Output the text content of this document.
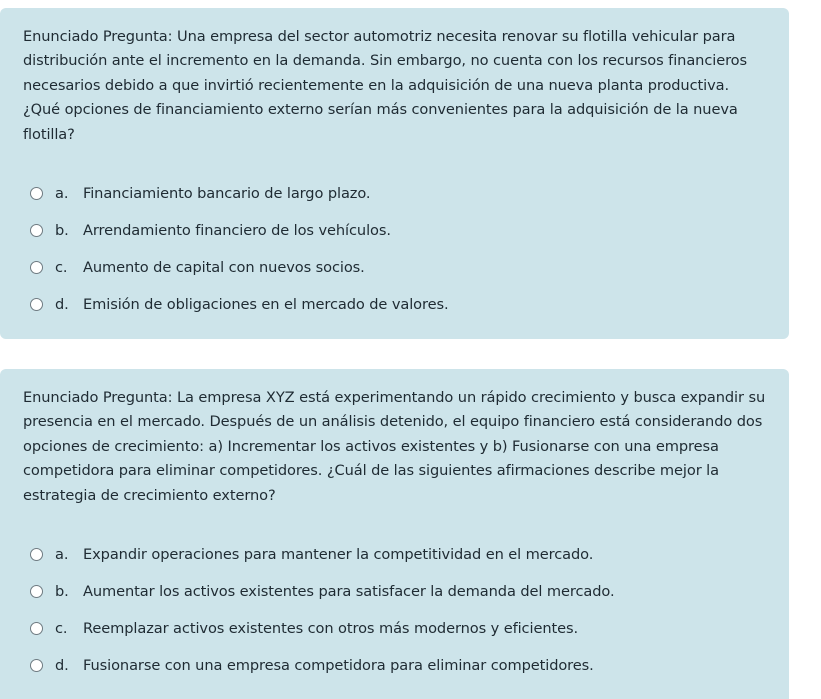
Enunciado Pregunta: Una empresa del sector automotriz necesita renovar su flotilla vehicular para distribución ante el incremento en la demanda. Sin embargo, no cuenta con los recursos financieros necesarios debido a que invirtió recientemente en la adquisición de una nueva planta productiva. ¿Qué opciones de financiamiento externo serían más convenientes para la adquisición de la nueva flotilla?

a.	Financiamiento bancario de largo plazo.
b. Arrendamiento financiero de los vehículos.
c.	Aumento de capital con nuevos socios.
d. Emisión de obligaciones en el mercado de valores.

Enunciado Pregunta: La empresa XYZ está experimentando un rápido crecimiento y busca expandir su presencia en el mercado. Después de un análisis detenido, el equipo financiero está considerando dos opciones de crecimiento: a) Incrementar los activos existentes y b) Fusionarse con una empresa competidora para eliminar competidores. ¿Cuál de las siguientes afirmaciones describe mejor la estrategia de crecimiento externo?

a.	Expandir operaciones para mantener la competitividad en el mercado.
b. Aumentar los activos existentes para satisfacer la demanda del mercado.
c.	Reemplazar activos existentes con otros más modernos y eficientes.
d. Fusionarse con una empresa competidora para eliminar competidores.
